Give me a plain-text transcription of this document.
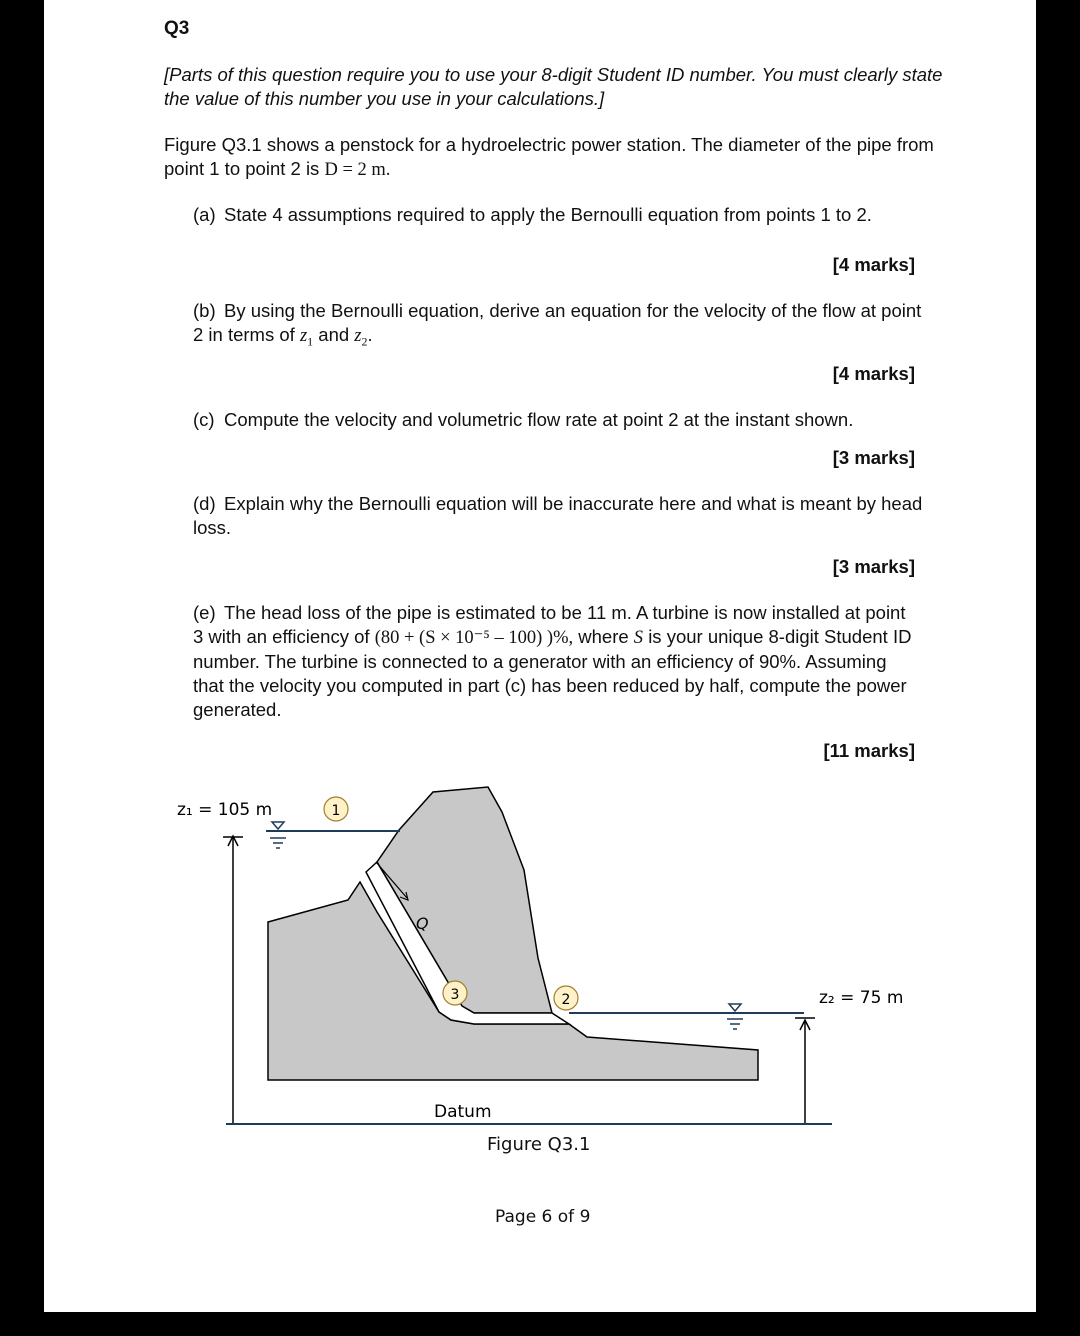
Q3
[Parts of this question require you to use your 8-digit Student ID number. You must clearly state the value of this number you use in your calculations.]
Figure Q3.1 shows a penstock for a hydroelectric power station. The diameter of the pipe from point 1 to point 2 is D = 2 m.
(a) State 4 assumptions required to apply the Bernoulli equation from points 1 to 2.
[4 marks]
(b) By using the Bernoulli equation, derive an equation for the velocity of the flow at point 2 in terms of $z_1$ and $z_2$.
[4 marks]
(c) Compute the velocity and volumetric flow rate at point 2 at the instant shown.
[3 marks]
(d) Explain why the Bernoulli equation will be inaccurate here and what is meant by head loss.
[3 marks]
(e) The head loss of the pipe is estimated to be 11 m. A turbine is now installed at point 3 with an efficiency of (80 + (S × 10⁻⁵ – 100) )%, where S is your unique 8-digit Student ID number. The turbine is connected to a generator with an efficiency of 90%. Assuming that the velocity you computed in part (c) has been reduced by half, compute the power generated.
[11 marks]
1
3	2
z₁ = 105 m
z₂ = 75 m
Q
Datum
Figure Q3.1
Page 6 of 9
